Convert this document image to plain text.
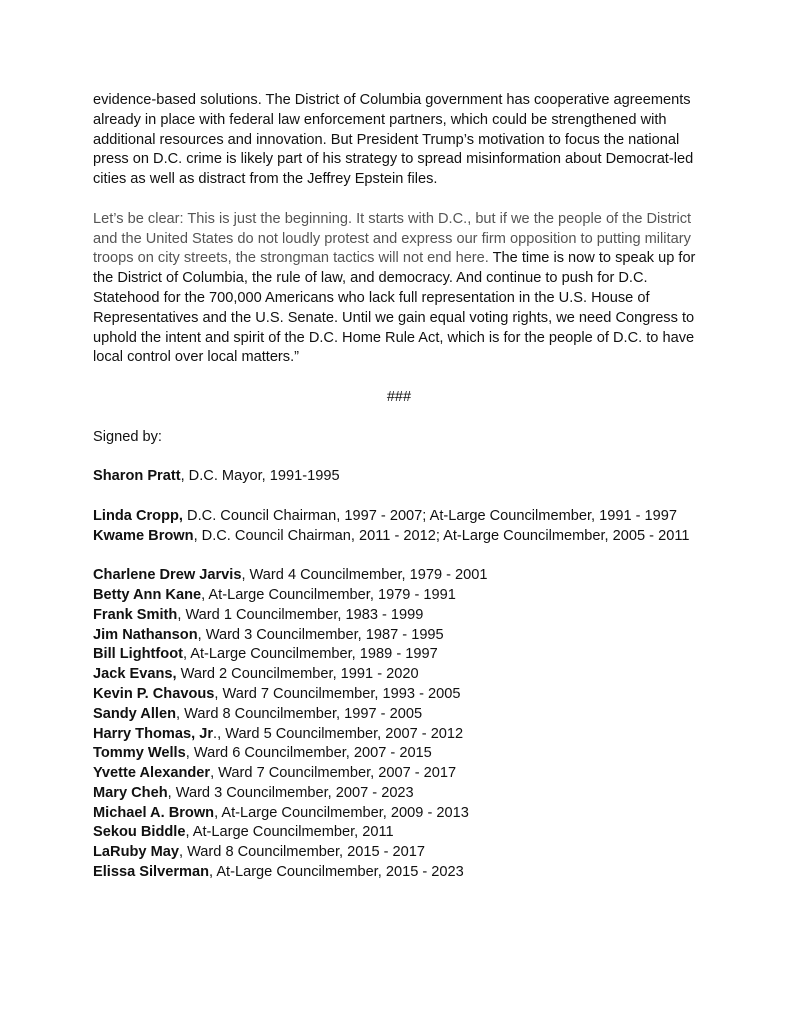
evidence-based solutions. The District of Columbia government has cooperative agreements already in place with federal law enforcement partners, which could be strengthened with additional resources and innovation. But President Trump’s motivation to focus the national press on D.C. crime is likely part of his strategy to spread misinformation about Democrat-led cities as well as distract from the Jeffrey Epstein files.

Let’s be clear: This is just the beginning. It starts with D.C., but if we the people of the District and the United States do not loudly protest and express our firm opposition to putting military troops on city streets, the strongman tactics will not end here. The time is now to speak up for the District of Columbia, the rule of law, and democracy. And continue to push for D.C. Statehood for the 700,000 Americans who lack full representation in the U.S. House of Representatives and the U.S. Senate. Until we gain equal voting rights, we need Congress to uphold the intent and spirit of the D.C. Home Rule Act, which is for the people of D.C. to have local control over local matters.”

###

Signed by:

Sharon Pratt, D.C. Mayor, 1991-1995
Linda Cropp, D.C. Council Chairman, 1997 - 2007; At-Large Councilmember, 1991 - 1997
Kwame Brown, D.C. Council Chairman, 2011 - 2012; At-Large Councilmember, 2005 - 2011
Charlene Drew Jarvis, Ward 4 Councilmember, 1979 - 2001
Betty Ann Kane, At-Large Councilmember, 1979 - 1991
Frank Smith, Ward 1 Councilmember, 1983 - 1999
Jim Nathanson, Ward 3 Councilmember, 1987 - 1995
Bill Lightfoot, At-Large Councilmember, 1989 - 1997
Jack Evans, Ward 2 Councilmember, 1991 - 2020
Kevin P. Chavous, Ward 7 Councilmember, 1993 - 2005
Sandy Allen, Ward 8 Councilmember, 1997 - 2005
Harry Thomas, Jr., Ward 5 Councilmember, 2007 - 2012
Tommy Wells, Ward 6 Councilmember, 2007 - 2015
Yvette Alexander, Ward 7 Councilmember, 2007 - 2017
Mary Cheh, Ward 3 Councilmember, 2007 - 2023
Michael A. Brown, At-Large Councilmember, 2009 - 2013
Sekou Biddle, At-Large Councilmember, 2011
LaRuby May, Ward 8 Councilmember, 2015 - 2017
Elissa Silverman, At-Large Councilmember, 2015 - 2023
